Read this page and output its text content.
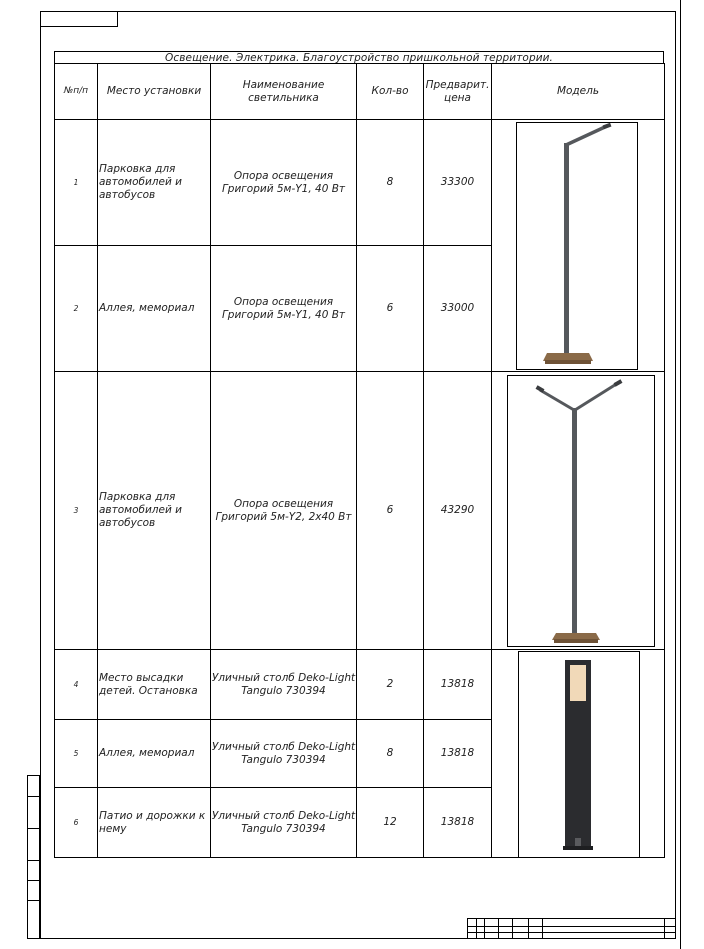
Освещение. Электрика. Благоустройство пришкольной территории.
№п/п	Место установки	Наименование светильника	Кол-во	Предварит. цена	Модель
1	Парковка для автомобилей и автобусов	Опора освещения Григорий 5м-Y1, 40 Вт	8	33300	

2	Аллея, мемориал	Опора освещения Григорий 5м-Y1, 40 Вт	6	33000	
3	Парковка для автомобилей и автобусов	Опора освещения Григорий 5м-Y2, 2х40 Вт	6	43290	

4	Место высадки детей. Остановка	Уличный столб Deko-Light Tangulo 730394	2	13818	

5	Аллея, мемориал	Уличный столб Deko-Light Tangulo 730394	8	13818	
6	Патио и дорожки к нему	Уличный столб Deko-Light Tangulo 730394	12	13818	
